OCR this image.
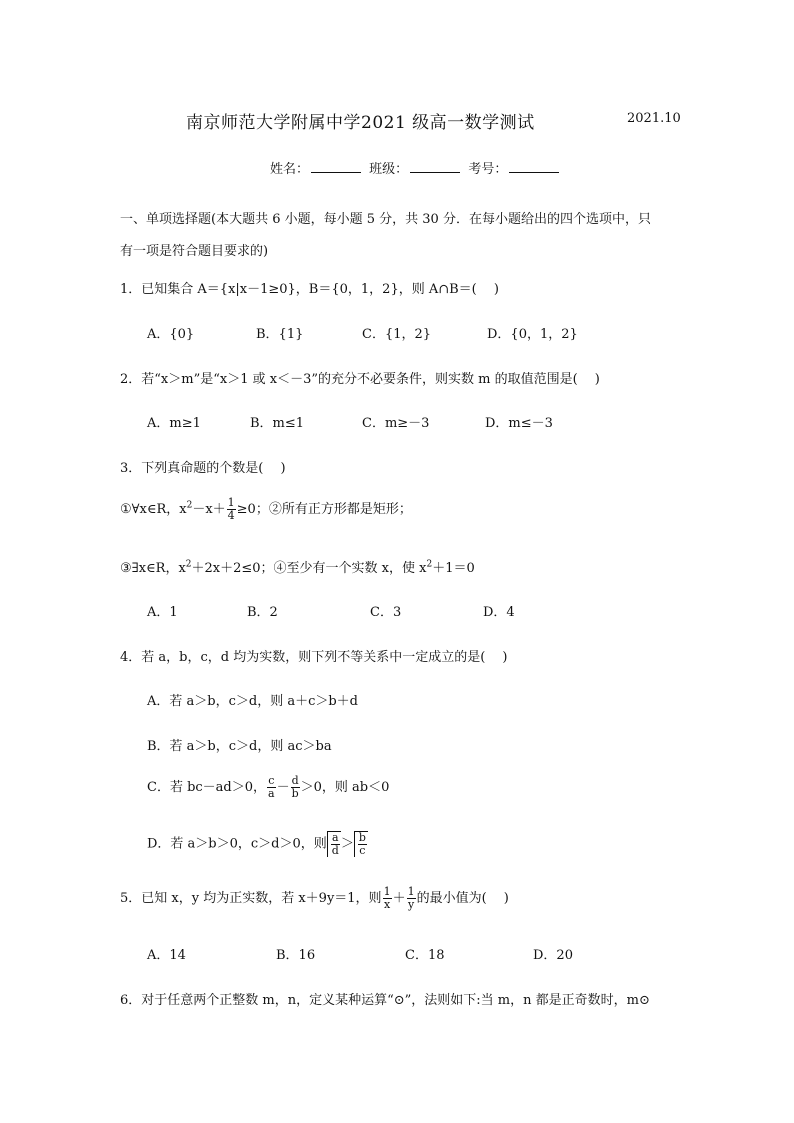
南京师范大学附属中学2021 级高一数学测试	2021.10
姓名：	班级：	考号：
一、单项选择题(本大题共 6 小题，每小题 5 分，共 30 分．在每小题给出的四个选项中，只
有一项是符合题目要求的)
1．已知集合 A＝{x|x－1≥0}，B＝{0，1，2}，则 A∩B＝(　 )
A．{0}	B．{1}	C．{1，2}	D．{0，1，2}
2．若“x＞m”是“x＞1 或 x＜－3”的充分不必要条件，则实数 m 的取值范围是(　 )
A．m≥1	B．m≤1	C．m≥－3	D．m≤－3
3．下列真命题的个数是(　 )
①∀x∈R，$x^2-x+ \frac{1}{4} \ge 0$；②所有正方形都是矩形；
③∃x∈R，$x^2+2x+2\le 0$；④至少有一个实数 x，使 $x^2+1=0$
A．1	B．2	C．3	D．4
4．若 a，b，c，d 均为实数，则下列不等关系中一定成立的是(　 )
A．若 a＞b，c＞d，则 a＋c＞b＋d
B．若 a＞b，c＞d，则 ac＞ba
C．若 bc－ad＞0， $\frac{c}{a} - \frac{d}{b} >0$，则 ab＜0
D．若 a＞b＞0，c＞d＞0，则 $\frac{a}{d} > \frac{b}{c}$
5．已知 x，y 均为正实数，若 x＋9y＝1，则 $\frac{1}{x} + \frac{1}{y}$ 的最小值为(　 )
A．14	B．16	C．18	D．20
6．对于任意两个正整数 m，n，定义某种运算“⊙”，法则如下:当 m，n 都是正奇数时，m⊙
